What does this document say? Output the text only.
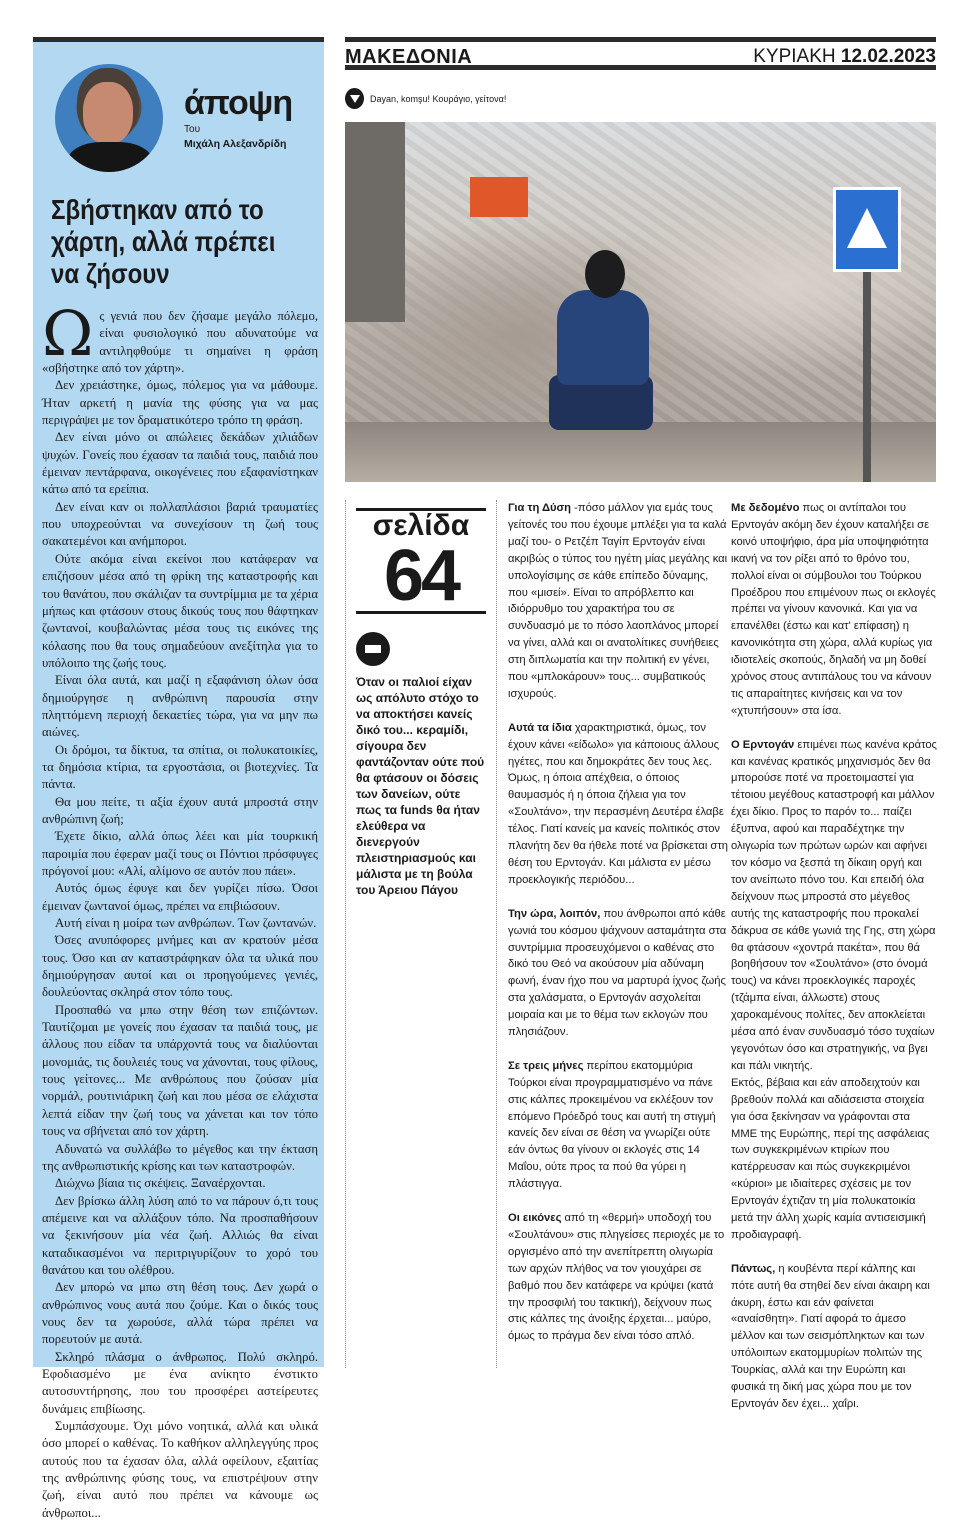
άποψη
Του
Μιχάλη Αλεξανδρίδη
Σβήστηκαν από το χάρτη, αλλά πρέπει να ζήσουν

Ως γενιά που δεν ζήσαμε μεγάλο πόλεμο, είναι φυσιολογικό που αδυνατούμε να αντιληφθούμε τι σημαίνει η φράση «σβήστηκε από τον χάρτη».

Δεν χρειάστηκε, όμως, πόλεμος για να μάθουμε. Ήταν αρκετή η μανία της φύσης για να μας περιγράψει με τον δραματικότερο τρόπο τη φράση.

Δεν είναι μόνο οι απώλειες δεκάδων χιλιάδων ψυχών. Γονείς που έχασαν τα παιδιά τους, παιδιά που έμειναν πεντάρφανα, οικογένειες που εξαφανίστηκαν κάτω από τα ερείπια.

Δεν είναι καν οι πολλαπλάσιοι βαριά τραυματίες που υποχρεούνται να συνεχίσουν τη ζωή τους σακατεμένοι και ανήμποροι.

Ούτε ακόμα είναι εκείνοι που κατάφεραν να επιζήσουν μέσα από τη φρίκη της καταστροφής και του θανάτου, που σκάλιζαν τα συντρίμμια με τα χέρια μήπως και φτάσουν στους δικούς τους που θάφτηκαν ζωντανοί, κουβαλώντας μέσα τους τις εικόνες της κόλασης που θα τους σημαδεύουν ανεξίτηλα για το υπόλοιπο της ζωής τους.

Είναι όλα αυτά, και μαζί η εξαφάνιση όλων όσα δημιούργησε η ανθρώπινη παρουσία στην πληττόμενη περιοχή δεκαετίες τώρα, για να μην πω αιώνες.

Οι δρόμοι, τα δίκτυα, τα σπίτια, οι πολυκατοικίες, τα δημόσια κτίρια, τα εργοστάσια, οι βιοτεχνίες. Τα πάντα.

Θα μου πείτε, τι αξία έχουν αυτά μπροστά στην ανθρώπινη ζωή;

Έχετε δίκιο, αλλά όπως λέει και μία τουρκική παροιμία που έφεραν μαζί τους οι Πόντιοι πρόσφυγες πρόγονοί μου: «Αλί, αλίμονο σε αυτόν που πάει».

Αυτός όμως έφυγε και δεν γυρίζει πίσω. Όσοι έμειναν ζωντανοί όμως, πρέπει να επιβιώσουν.

Αυτή είναι η μοίρα των ανθρώπων. Των ζωντανών.

Όσες ανυπόφορες μνήμες και αν κρατούν μέσα τους. Όσο και αν καταστράφηκαν όλα τα υλικά που δημιούργησαν αυτοί και οι προηγούμενες γενιές, δουλεύοντας σκληρά στον τόπο τους.

Προσπαθώ να μπω στην θέση των επιζώντων. Ταυτίζομαι με γονείς που έχασαν τα παιδιά τους, με άλλους που είδαν τα υπάρχοντά τους να διαλύονται μονομιάς, τις δουλειές τους να χάνονται, τους φίλους, τους γείτονες... Με ανθρώπους που ζούσαν μία νορμάλ, ρουτινιάρικη ζωή και που μέσα σε ελάχιστα λεπτά είδαν την ζωή τους να χάνεται και τον τόπο τους να σβήνεται από τον χάρτη.

Αδυνατώ να συλλάβω το μέγεθος και την έκταση της ανθρωπιστικής κρίσης και των καταστροφών.

Διώχνω βίαια τις σκέψεις. Ξαναέρχονται.

Δεν βρίσκω άλλη λύση από το να πάρουν ό,τι τους απέμεινε και να αλλάξουν τόπο. Να προσπαθήσουν να ξεκινήσουν μία νέα ζωή. Αλλιώς θα είναι καταδικασμένοι να περιτριγυρίζουν το χορό του θανάτου και του ολέθρου.

Δεν μπορώ να μπω στη θέση τους. Δεν χωρά ο ανθρώπινος νους αυτά που ζούμε. Και ο δικός τους νους δεν τα χωρούσε, αλλά τώρα πρέπει να πορευτούν με αυτά.

Σκληρό πλάσμα ο άνθρωπος. Πολύ σκληρό. Εφοδιασμένο με ένα ανίκητο ένστικτο αυτοσυντήρησης, που του προσφέρει αστείρευτες δυνάμεις επιβίωσης.

Συμπάσχουμε. Όχι μόνο νοητικά, αλλά και υλικά όσο μπορεί ο καθένας. Το καθήκον αλληλεγγύης προς αυτούς που τα έχασαν όλα, αλλά οφείλουν, εξαιτίας της ανθρώπινης φύσης τους, να επιστρέψουν στην ζωή, είναι αυτό που πρέπει να κάνουμε ως άνθρωποι...

ΜΑΚΕΔΟΝΙΑ	ΚΥΡΙΑΚΗ 12.02.2023
Dayan, komşu! Κουράγιο, γείτονα!
σελίδα
64
Όταν οι παλιοί είχαν ως απόλυτο στόχο το να αποκτήσει κανείς δικό του... κεραμίδι, σίγουρα δεν φαντάζονταν ούτε πού θα φτάσουν οι δόσεις των δανείων, ούτε πως τα funds θα ήταν ελεύθερα να διενεργούν πλειστηριασμούς και μάλιστα με τη βούλα του Άρειου Πάγου

Για τη Δύση -πόσο μάλλον για εμάς τους γείτονές του που έχουμε μπλέξει για τα καλά μαζί του- ο Ρετζέπ Ταγίπ Ερντογάν είναι ακριβώς ο τύπος του ηγέτη μίας μεγάλης και υπολογίσιμης σε κάθε επίπεδο δύναμης, που «μισεί». Είναι το απρόβλεπτο και ιδιόρρυθμο του χαρακτήρα του σε συνδυασμό με το πόσο λαοπλάνος μπορεί να γίνει, αλλά και οι ανατολίτικες συνήθειες στη διπλωματία και την πολιτική εν γένει, που «μπλοκάρουν» τους... συμβατικούς ισχυρούς.

Αυτά τα ίδια χαρακτηριστικά, όμως, τον έχουν κάνει «είδωλο» για κάποιους άλλους ηγέτες, που και δημοκράτες δεν τους λες. Όμως, η όποια απέχθεια, ο όποιος θαυμασμός ή η όποια ζήλεια για τον «Σουλτάνο», την περασμένη Δευτέρα έλαβε τέλος. Γιατί κανείς μα κανείς πολιτικός στον πλανήτη δεν θα ήθελε ποτέ να βρίσκεται στη θέση του Ερντογάν. Και μάλιστα εν μέσω προεκλογικής περιόδου...

Την ώρα, λοιπόν, που άνθρωποι από κάθε γωνιά του κόσμου ψάχνουν ασταμάτητα στα συντρίμμια προσευχόμενοι ο καθένας στο δικό του Θεό να ακούσουν μία αδύναμη φωνή, έναν ήχο που να μαρτυρά ίχνος ζωής στα χαλάσματα, ο Ερντογάν ασχολείται μοιραία και με το θέμα των εκλογών που πλησιάζουν.

Σε τρεις μήνες περίπου εκατομμύρια Τούρκοι είναι προγραμματισμένο να πάνε στις κάλπες προκειμένου να εκλέξουν τον επόμενο Πρόεδρό τους και αυτή τη στιγμή κανείς δεν είναι σε θέση να γνωρίζει ούτε εάν όντως θα γίνουν οι εκλογές στις 14 Μαΐου, ούτε προς τα πού θα γύρει η πλάστιγγα.

Οι εικόνες από τη «θερμή» υποδοχή του «Σουλτάνου» στις πληγείσες περιοχές με το οργισμένο από την ανεπίτρεπτη ολιγωρία των αρχών πλήθος να τον γιουχάρει σε βαθμό που δεν κατάφερε να κρύψει (κατά την προσφιλή του τακτική), δείχνουν πως στις κάλπες της άνοιξης έρχεται... μαύρο, όμως το πράγμα δεν είναι τόσο απλό.

Με δεδομένο πως οι αντίπαλοι του Ερντογάν ακόμη δεν έχουν καταλήξει σε κοινό υποψήφιο, άρα μία υποψηφιότητα ικανή να τον ρίξει από το θρόνο του, πολλοί είναι οι σύμβουλοι του Τούρκου Προέδρου που επιμένουν πως οι εκλογές πρέπει να γίνουν κανονικά. Και για να επανέλθει (έστω και κατ' επίφαση) η κανονικότητα στη χώρα, αλλά κυρίως για ιδιοτελείς σκοπούς, δηλαδή να μη δοθεί χρόνος στους αντιπάλους του να κάνουν τις απαραίτητες κινήσεις και να τον «χτυπήσουν» στα ίσα.

Ο Ερντογάν επιμένει πως κανένα κράτος και κανένας κρατικός μηχανισμός δεν θα μπορούσε ποτέ να προετοιμαστεί για τέτοιου μεγέθους καταστροφή και μάλλον έχει δίκιο. Προς το παρόν το... παίζει έξυπνα, αφού και παραδέχτηκε την ολιγωρία των πρώτων ωρών και αφήνει τον κόσμο να ξεσπά τη δίκαιη οργή και τον ανείπωτο πόνο του. Και επειδή όλα δείχνουν πως μπροστά στο μέγεθος αυτής της καταστροφής που προκαλεί δάκρυα σε κάθε γωνιά της Γης, στη χώρα θα φτάσουν «χοντρά πακέτα», που θά βοηθήσουν τον «Σουλτάνο» (στο όνομά τους) να κάνει προεκλογικές παροχές (τζάμπα είναι, άλλωστε) στους χαροκαμένους πολίτες, δεν αποκλείεται μέσα από έναν συνδυασμό τόσο τυχαίων γεγονότων όσο και στρατηγικής, να βγει και πάλι νικητής.

Εκτός, βέβαια και εάν αποδειχτούν και βρεθούν πολλά και αδιάσειστα στοιχεία για όσα ξεκίνησαν να γράφονται στα ΜΜΕ της Ευρώπης, περί της ασφάλειας των συγκεκριμένων κτιρίων που κατέρρευσαν και πώς συγκεκριμένοι «κύριοι» με ιδιαίτερες σχέσεις με τον Ερντογάν έχτιζαν τη μία πολυκατοικία μετά την άλλη χωρίς καμία αντισεισμική προδιαγραφή.

Πάντως, η κουβέντα περί κάλπης και πότε αυτή θα στηθεί δεν είναι άκαιρη και άκυρη, έστω και εάν φαίνεται «αναίσθητη». Γιατί αφορά το άμεσο μέλλον και των σεισμόπληκτων και των υπόλοιπων εκατομμυρίων πολιτών της Τουρκίας, αλλά και την Ευρώπη και φυσικά τη δική μας χώρα που με τον Ερντογάν δεν έχει... χαΐρι.
